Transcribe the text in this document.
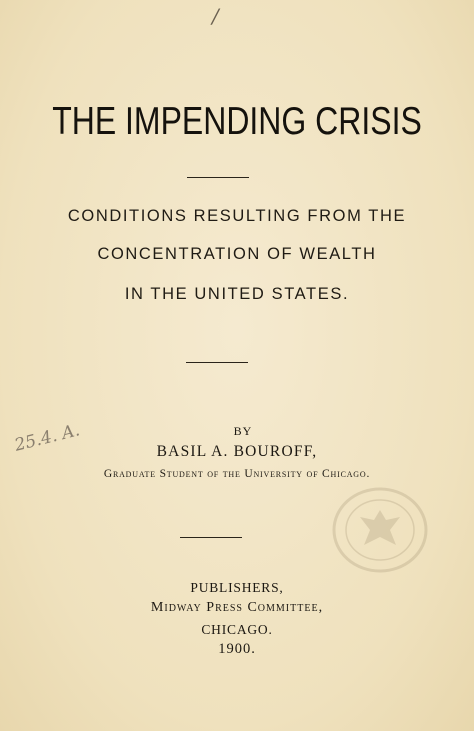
/
THE IMPENDING CRISIS
CONDITIONS RESULTING FROM THE
CONCENTRATION OF WEALTH
IN THE UNITED STATES.
25.4. A.	BY
BASIL A. BOUROFF,
Graduate Student of the University of Chicago.
PUBLISHERS,
Midway Press Committee,
CHICAGO.
1900.
